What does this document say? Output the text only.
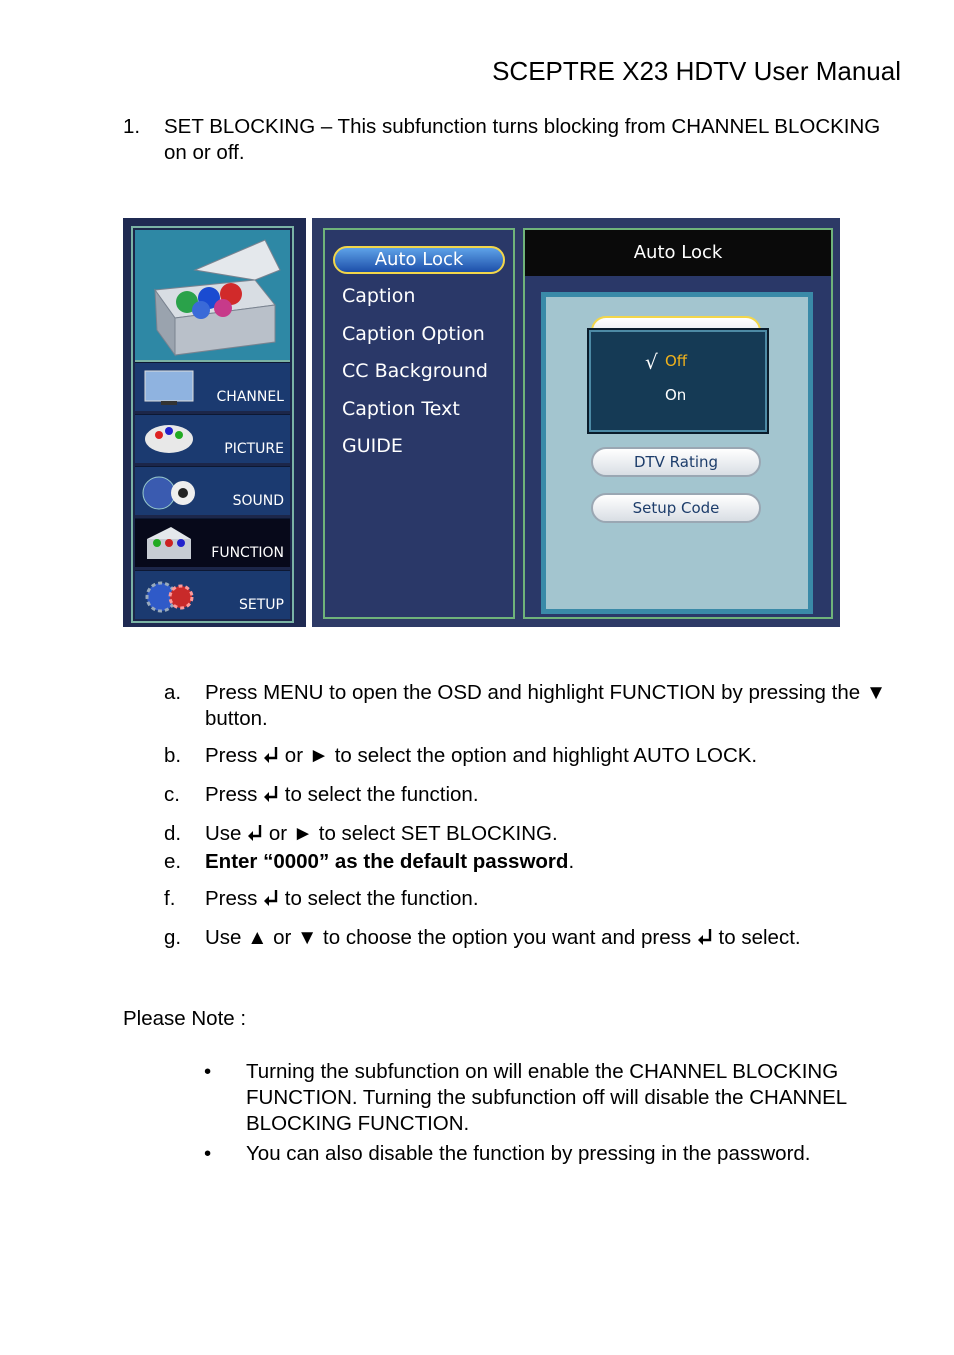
SCEPTRE X23 HDTV User Manual
1. SET BLOCKING – This subfunction turns blocking from CHANNEL BLOCKING on or off.
CHANNEL
PICTURE
SOUND
FUNCTION
SETUP
Auto Lock
Caption
Caption Option
CC Background
Caption Text
GUIDE
Auto Lock
DTV Rating
Setup Code
√ Off
On
a. Press MENU to open the OSD and highlight FUNCTION by pressing the ▼ button.
b. Press  or ► to select the option and highlight AUTO LOCK.
c. Press  to select the function.
d. Use  or ► to select SET BLOCKING.
e. Enter “0000” as the default password.
f. Press  to select the function.
g. Use ▲ or ▼ to choose the option you want and press  to select.
Please Note :
• Turning the subfunction on will enable the CHANNEL BLOCKING FUNCTION. Turning the subfunction off will disable the CHANNEL BLOCKING FUNCTION.
• You can also disable the function by pressing in the password.
